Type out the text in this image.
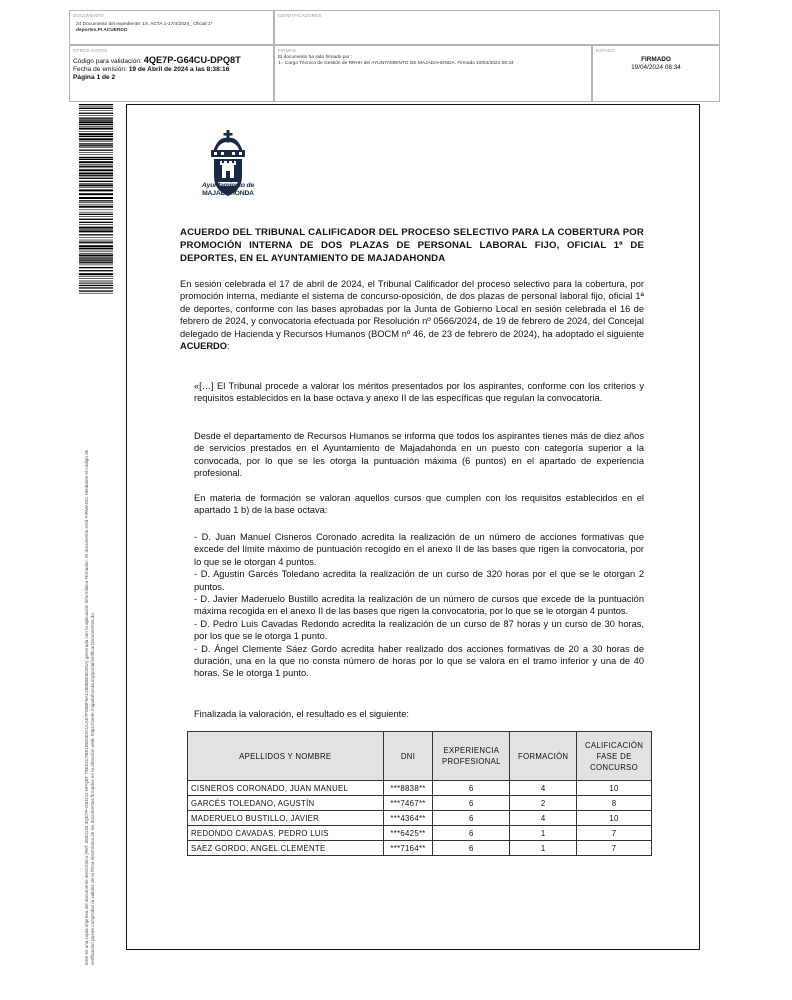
DOCUMENTO
24 Documento del expediente: 18. ACTA 1-17/4/2024_ Oficial 1ª
deportes.PI ACUERDO
IDENTIFICADORES
OTROS DATOS
Código para validación: 4QE7P-G64CU-DPQ8T
Fecha de emisión: 19 de Abril de 2024 a las 8:38:16
Página 1 de 2
FIRMAS
El documento ha sido firmado por :
1.- Cargo Técnico de Gestión de RRHH del AYUNTAMIENTO DE MAJADAHONDA. Firmado 19/04/2024 08:34
ESTADO
FIRMADO
19/04/2024 08:34
Este es una copia impresa del documento electrónico (Ref: 3592133 4QE7P-G64CU-DPQ8T 79E51C7B51B0D3DA1CAE7F08BF8A1288B5E8CE5A) generada con la aplicación informática Firmadoc. El documento está FIRMADO. Mediante el código de verificación puede comprobar la validez de la firma electrónica de los documentos firmados en la dirección web: https://sede.majadahonda.org/portal/verificarDocumentos.do
Ayuntamiento de
MAJADAHONDA

ACUERDO DEL TRIBUNAL CALIFICADOR DEL PROCESO SELECTIVO PARA LA COBERTURA POR PROMOCIÓN INTERNA DE DOS PLAZAS DE PERSONAL LABORAL FIJO, OFICIAL 1ª DE DEPORTES, EN EL AYUNTAMIENTO DE MAJADAHONDA

En sesión celebrada el 17 de abril de 2024, el Tribunal Calificador del proceso selectivo para la cobertura, por promoción interna, mediante el sistema de concurso-oposición, de dos plazas de personal laboral fijo, oficial 1ª de deportes, conforme con las bases aprobadas por la Junta de Gobierno Local en sesión celebrada el 16 de febrero de 2024, y convocatoria efectuada por Resolución nº 0566/2024, de 19 de febrero de 2024, del Concejal delegado de Hacienda y Recursos Humanos (BOCM nº 46, de 23 de febrero de 2024), ha adoptado el siguiente ACUERDO:

«[…] El Tribunal procede a valorar los méritos presentados por los aspirantes, conforme con los criterios y requisitos establecidos en la base octava y anexo II de las específicas que regulan la convocatoria.

Desde el departamento de Recursos Humanos se informa que todos los aspirantes tienes más de diez años de servicios prestados en el Ayuntamiento de Majadahonda en un puesto con categoría superior a la convocada, por lo que se les otorga la puntuación máxima (6 puntos) en el apartado de experiencia profesional.

En materia de formación se valoran aquellos cursos que cumplen con los requisitos establecidos en el apartado 1 b) de la base octava:

- D. Juan Manuel Cisneros Coronado acredita la realización de un número de acciones formativas que excede del límite máximo de puntuación recogido en el anexo II de las bases que rigen la convocatoria, por lo que se le otorgan 4 puntos.
- D. Agustín Garcés Toledano acredita la realización de un curso de 320 horas por el que se le otorgan 2 puntos.
- D. Javier Maderuelo Bustillo acredita la realización de un número de cursos que excede de la puntuación máxima recogida en el anexo II de las bases que rigen la convocatoria, por lo que se le otorgan 4 puntos.
- D. Pedro Luis Cavadas Redondo acredita la realización de un curso de 87 horas y un curso de 30 horas, por los que se le otorga 1 punto.
- D. Ángel Clemente Sáez Gordo acredita haber realizado dos acciones formativas de 20 a 30 horas de duración, una en la que no consta número de horas por lo que se valora en el tramo inferior y una de 40 horas. Se le otorga 1 punto.

Finalizada la valoración, el resultado es el siguiente:

APELLIDOS Y NOMBRE	DNI	EXPERIENCIA PROFESIONAL	FORMACIÓN	CALIFICACIÓN FASE DE CONCURSO
CISNEROS CORONADO, JUAN MANUEL	***8838**	6	4	10
GARCÉS TOLEDANO, AGUSTÍN	***7467**	6	2	8
MADERUELO BUSTILLO, JAVIER	***4364**	6	4	10
REDONDO CAVADAS, PEDRO LUIS	***6425**	6	1	7
SAEZ GORDO, ANGEL CLEMENTE	***7164**	6	1	7
